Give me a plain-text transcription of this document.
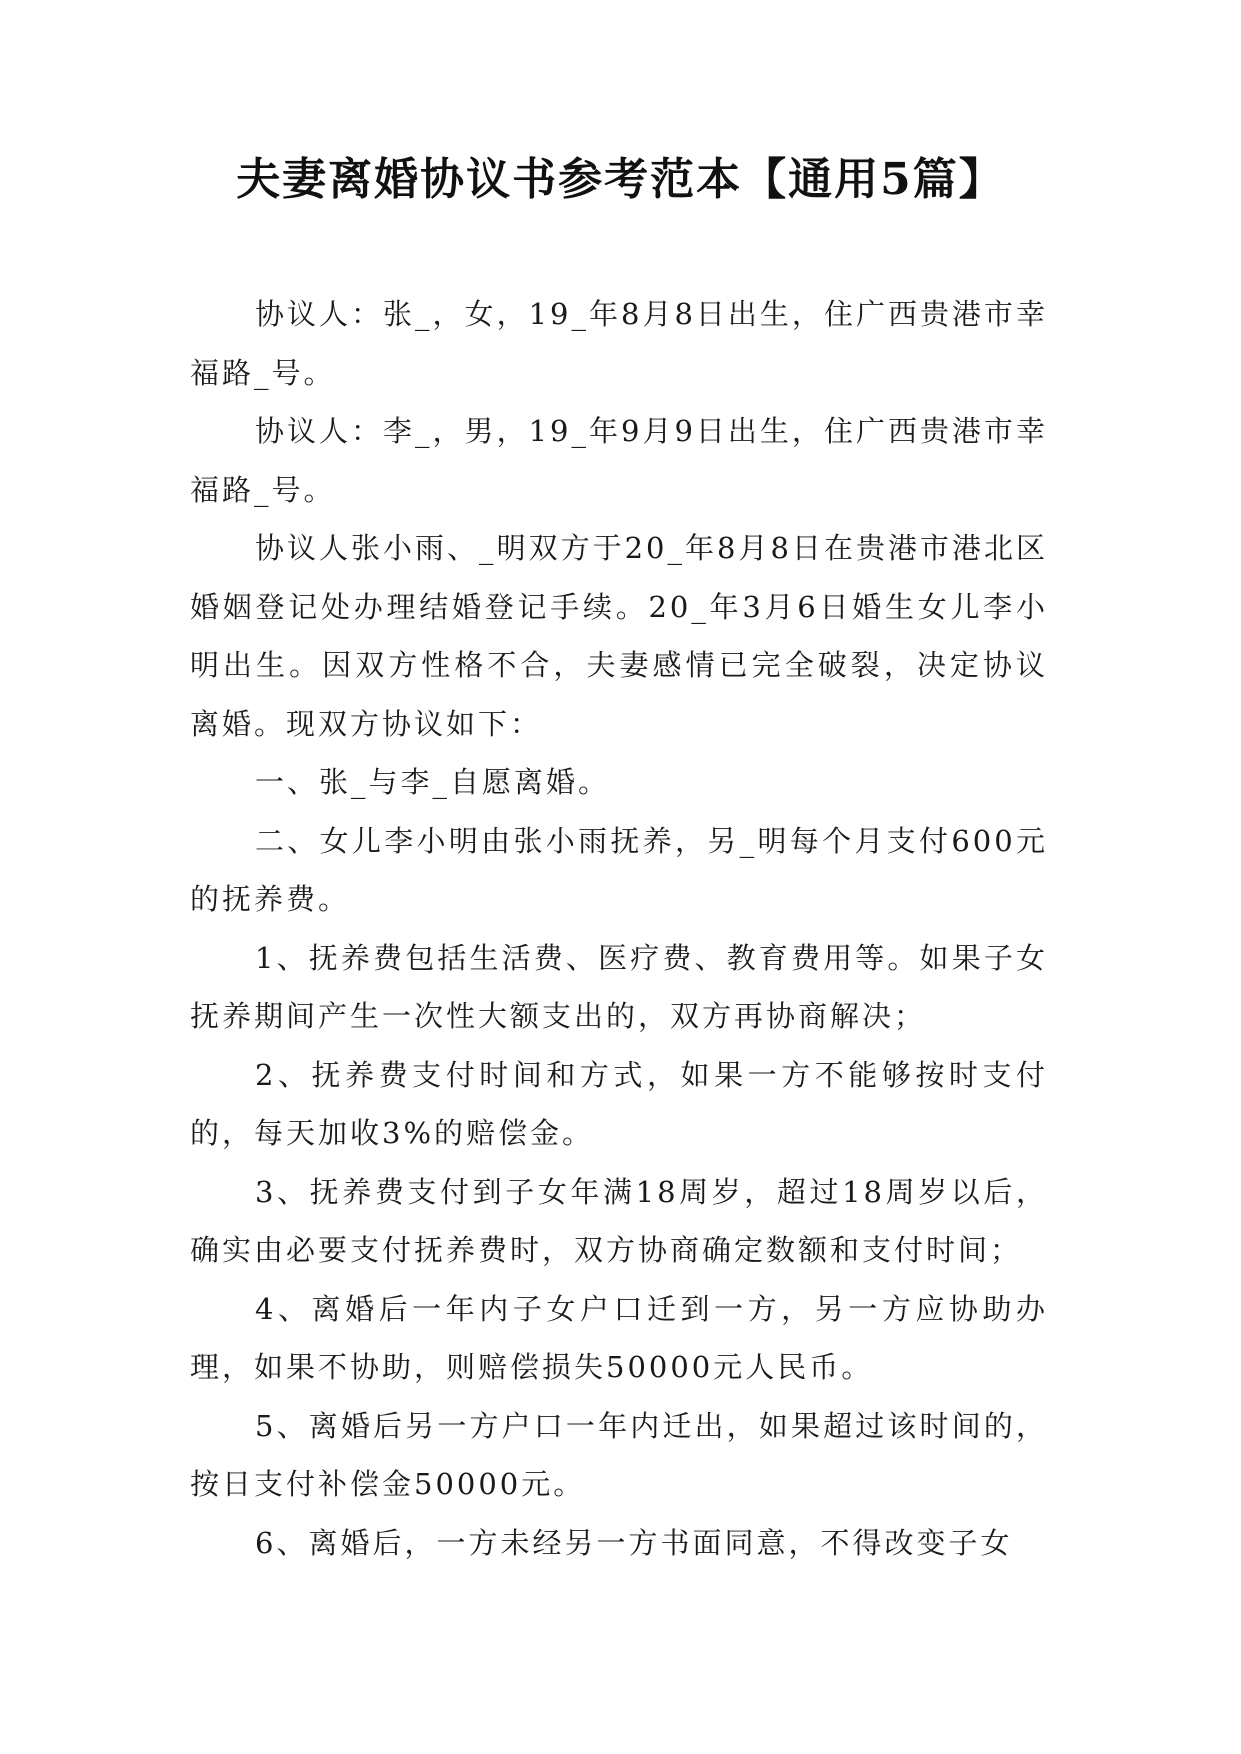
夫妻离婚协议书参考范本【通用5篇】

协议人：张_，女，19_年8月8日出生，住广西贵港市幸福路_号。

协议人：李_，男，19_年9月9日出生，住广西贵港市幸福路_号。

协议人张小雨、_明双方于20_年8月8日在贵港市港北区婚姻登记处办理结婚登记手续。20_年3月6日婚生女儿李小明出生。因双方性格不合，夫妻感情已完全破裂，决定协议离婚。现双方协议如下：

一、张_与李_自愿离婚。

二、女儿李小明由张小雨抚养，另_明每个月支付600元的抚养费。

1、抚养费包括生活费、医疗费、教育费用等。如果子女抚养期间产生一次性大额支出的，双方再协商解决；

2、抚养费支付时间和方式，如果一方不能够按时支付的，每天加收3%的赔偿金。

3、抚养费支付到子女年满18周岁，超过18周岁以后，确实由必要支付抚养费时，双方协商确定数额和支付时间；

4、离婚后一年内子女户口迁到一方，另一方应协助办理，如果不协助，则赔偿损失50000元人民币。

5、离婚后另一方户口一年内迁出，如果超过该时间的，按日支付补偿金50000元。

6、离婚后，一方未经另一方书面同意，不得改变子女
